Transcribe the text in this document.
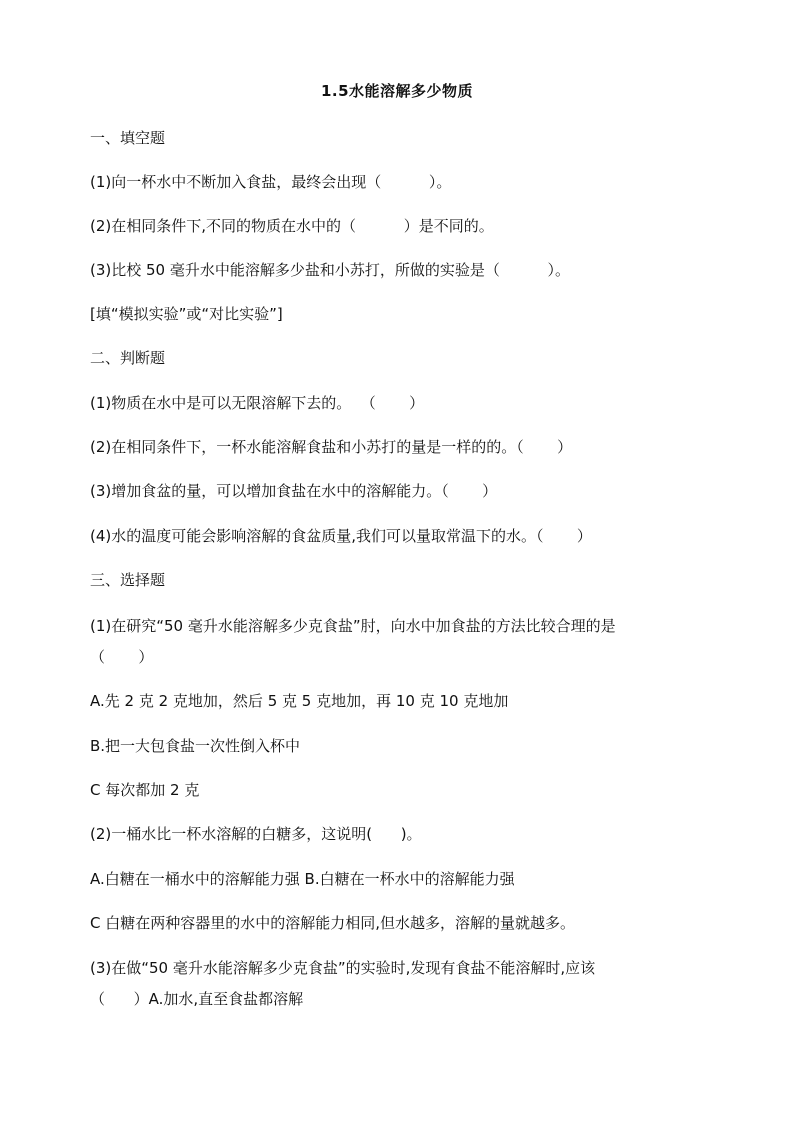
1.5水能溶解多少物质
一、填空题
(1)向一杯水中不断加入食盐，最终会出现（          ）。
(2)在相同条件下,不同的物质在水中的（          ）是不同的。
(3)比校 50 毫升水中能溶解多少盐和小苏打，所做的实验是（          ）。
[填“模拟实验”或“对比实验”]
二、判断题
(1)物质在水中是可以无限溶解下去的。  （       ）
(2)在相同条件下，一杯水能溶解食盐和小苏打的量是一样的的。（       ）
(3)增加食盆的量，可以增加食盐在水中的溶解能力。（       ）
(4)水的温度可能会影响溶解的食盆质量,我们可以量取常温下的水。（       ）
三、选择题
(1)在研究“50 毫升水能溶解多少克食盐”肘，向水中加食盐的方法比较合理的是
（       ）
A.先 2 克 2 克地加，然后 5 克 5 克地加，再 10 克 10 克地加
B.把一大包食盐一次性倒入杯中
C 每次都加 2 克
(2)一桶水比一杯水溶解的白糖多，这说明(      )。
A.白糖在一桶水中的溶解能力强 B.白糖在一杯水中的溶解能力强
C 白糖在两种容器里的水中的溶解能力相同,但水越多，溶解的量就越多。
(3)在做“50 毫升水能溶解多少克食盐”的实验时,发现有食盐不能溶解时,应该
（      ）A.加水,直至食盐都溶解
